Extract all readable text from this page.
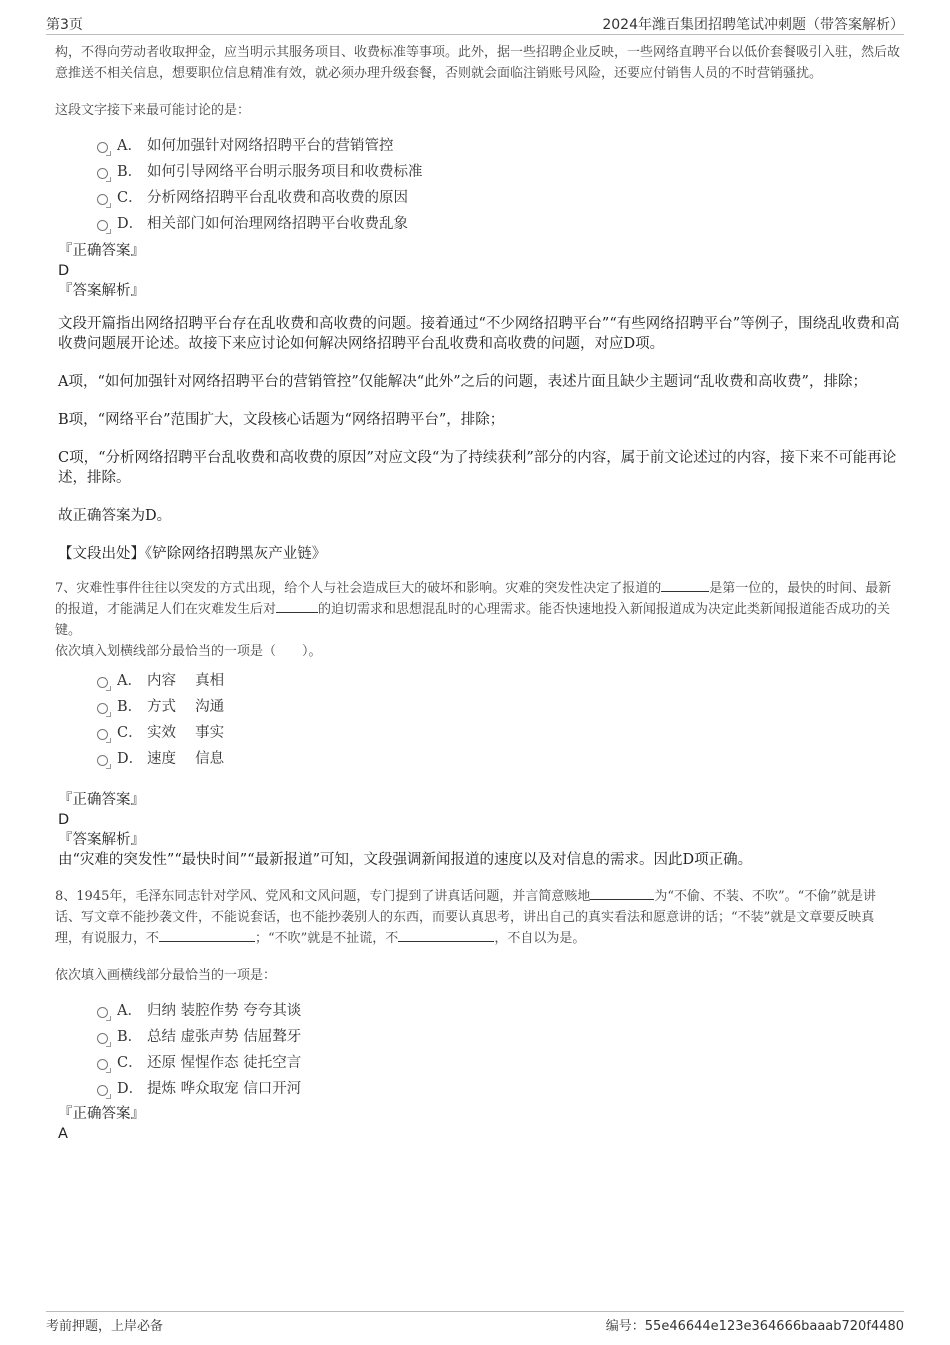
第3页	2024年潍百集团招聘笔试冲刺题（带答案解析）

构，不得向劳动者收取押金，应当明示其服务项目、收费标准等事项。此外，据一些招聘企业反映，一些网络直聘平台以低价套餐吸引入驻，然后故意推送不相关信息，想要职位信息精准有效，就必须办理升级套餐，否则就会面临注销账号风险，还要应付销售人员的不时营销骚扰。

这段文字接下来最可能讨论的是：

A． 如何加强针对网络招聘平台的营销管控
B． 如何引导网络平台明示服务项目和收费标准
C． 分析网络招聘平台乱收费和高收费的原因
D． 相关部门如何治理网络招聘平台收费乱象

『正确答案』

D

『答案解析』

文段开篇指出网络招聘平台存在乱收费和高收费的问题。接着通过“不少网络招聘平台”“有些网络招聘平台”等例子，围绕乱收费和高收费问题展开论述。故接下来应讨论如何解决网络招聘平台乱收费和高收费的问题，对应D项。

A项，“如何加强针对网络招聘平台的营销管控”仅能解决“此外”之后的问题，表述片面且缺少主题词“乱收费和高收费”，排除；

B项，“网络平台”范围扩大，文段核心话题为“网络招聘平台”，排除；

C项，“分析网络招聘平台乱收费和高收费的原因”对应文段“为了持续获利”部分的内容，属于前文论述过的内容，接下来不可能再论述，排除。

故正确答案为D。

【文段出处】《铲除网络招聘黑灰产业链》

7、灾难性事件往往以突发的方式出现，给个人与社会造成巨大的破坏和影响。灾难的突发性决定了报道的	是第一位的，最快的时间、最新的报道，才能满足人们在灾难发生后对	的迫切需求和思想混乱时的心理需求。能否快速地投入新闻报道成为决定此类新闻报道能否成功的关键。

依次填入划横线部分最恰当的一项是（　　）。

A． 内容　 真相
B． 方式　 沟通
C． 实效　 事实
D． 速度　 信息

『正确答案』

D

『答案解析』

由“灾难的突发性”“最快时间”“最新报道”可知，文段强调新闻报道的速度以及对信息的需求。因此D项正确。

8、1945年，毛泽东同志针对学风、党风和文风问题，专门提到了讲真话问题，并言简意赅地	为“不偷、不装、不吹”。“不偷”就是讲话、写文章不能抄袭文件，不能说套话，也不能抄袭别人的东西，而要认真思考，讲出自己的真实看法和愿意讲的话；“不装”就是文章要反映真理，有说服力，不	；“不吹”就是不扯谎，不	，不自以为是。

依次填入画横线部分最恰当的一项是：

A． 归纳 装腔作势 夸夸其谈
B． 总结 虚张声势 佶屈聱牙
C． 还原 惺惺作态 徒托空言
D． 提炼 哗众取宠 信口开河

『正确答案』

A

考前押题，上岸必备	编号：55e46644e123e364666baaab720f4480
